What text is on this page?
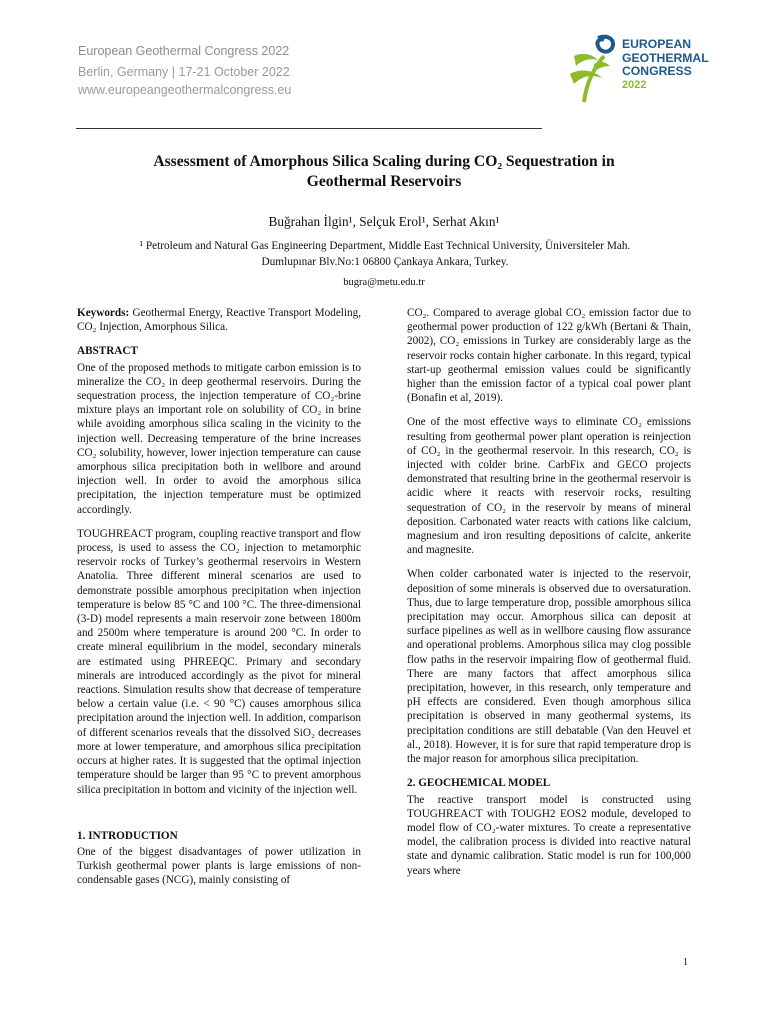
European Geothermal Congress 2022
Berlin, Germany | 17-21 October 2022
www.europeangeothermalcongress.eu
EUROPEAN
GEOTHERMAL
CONGRESS
2022
Assessment of Amorphous Silica Scaling during CO₂ Sequestration in
Geothermal Reservoirs
Buğrahan İlgin¹, Selçuk Erol¹, Serhat Akın¹
¹ Petroleum and Natural Gas Engineering Department, Middle East Technical University, Üniversiteler Mah.
Dumlupınar Blv.No:1 06800 Çankaya Ankara, Turkey.
bugra@metu.edu.tr

Keywords: Geothermal Energy, Reactive Transport Modeling, CO₂ Injection, Amorphous Silica.

ABSTRACT

One of the proposed methods to mitigate carbon emission is to mineralize the CO₂ in deep geothermal reservoirs. During the sequestration process, the injection temperature of CO₂-brine mixture plays an important role on solubility of CO₂ in brine while avoiding amorphous silica scaling in the vicinity to the injection well. Decreasing temperature of the brine increases CO₂ solubility, however, lower injection temperature can cause amorphous silica precipitation both in wellbore and around injection well. In order to avoid the amorphous silica precipitation, the injection temperature must be optimized accordingly.

TOUGHREACT program, coupling reactive transport and flow process, is used to assess the CO₂ injection to metamorphic reservoir rocks of Turkey’s geothermal reservoirs in Western Anatolia. Three different mineral scenarios are used to demonstrate possible amorphous precipitation when injection temperature is below 85 °C and 100 °C. The three-dimensional (3-D) model represents a main reservoir zone between 1800m and 2500m where temperature is around 200 °C. In order to create mineral equilibrium in the model, secondary minerals are estimated using PHREEQC. Primary and secondary minerals are introduced accordingly as the pivot for mineral reactions. Simulation results show that decrease of temperature below a certain value (i.e. < 90 °C) causes amorphous silica precipitation around the injection well. In addition, comparison of different scenarios reveals that the dissolved SiO₂ decreases more at lower temperature, and amorphous silica precipitation occurs at higher rates. It is suggested that the optimal injection temperature should be larger than 95 °C to prevent amorphous silica precipitation in bottom and vicinity of the injection well.

1. INTRODUCTION

One of the biggest disadvantages of power utilization in Turkish geothermal power plants is large emissions of non-condensable gases (NCG), mainly consisting of

CO₂. Compared to average global CO₂ emission factor due to geothermal power production of 122 g/kWh (Bertani & Thain, 2002), CO₂ emissions in Turkey are considerably large as the reservoir rocks contain higher carbonate. In this regard, typical start-up geothermal emission values could be significantly higher than the emission factor of a typical coal power plant (Bonafin et al, 2019).

One of the most effective ways to eliminate CO₂ emissions resulting from geothermal power plant operation is reinjection of CO₂ in the geothermal reservoir. In this research, CO₂ is injected with colder brine. CarbFix and GECO projects demonstrated that resulting brine in the geothermal reservoir is acidic where it reacts with reservoir rocks, resulting sequestration of CO₂ in the reservoir by means of mineral deposition. Carbonated water reacts with cations like calcium, magnesium and iron resulting depositions of calcite, ankerite and magnesite.

When colder carbonated water is injected to the reservoir, deposition of some minerals is observed due to oversaturation. Thus, due to large temperature drop, possible amorphous silica precipitation may occur. Amorphous silica can deposit at surface pipelines as well as in wellbore causing flow assurance and operational problems. Amorphous silica may clog possible flow paths in the reservoir impairing flow of geothermal fluid. There are many factors that affect amorphous silica precipitation, however, in this research, only temperature and pH effects are considered. Even though amorphous silica precipitation is observed in many geothermal systems, its precipitation conditions are still debatable (Van den Heuvel et al., 2018). However, it is for sure that rapid temperature drop is the major reason for amorphous silica precipitation.

2. GEOCHEMICAL MODEL

The reactive transport model is constructed using TOUGHREACT with TOUGH2 EOS2 module, developed to model flow of CO₂-water mixtures. To create a representative model, the calibration process is divided into reactive natural state and dynamic calibration. Static model is run for 100,000 years where

1
